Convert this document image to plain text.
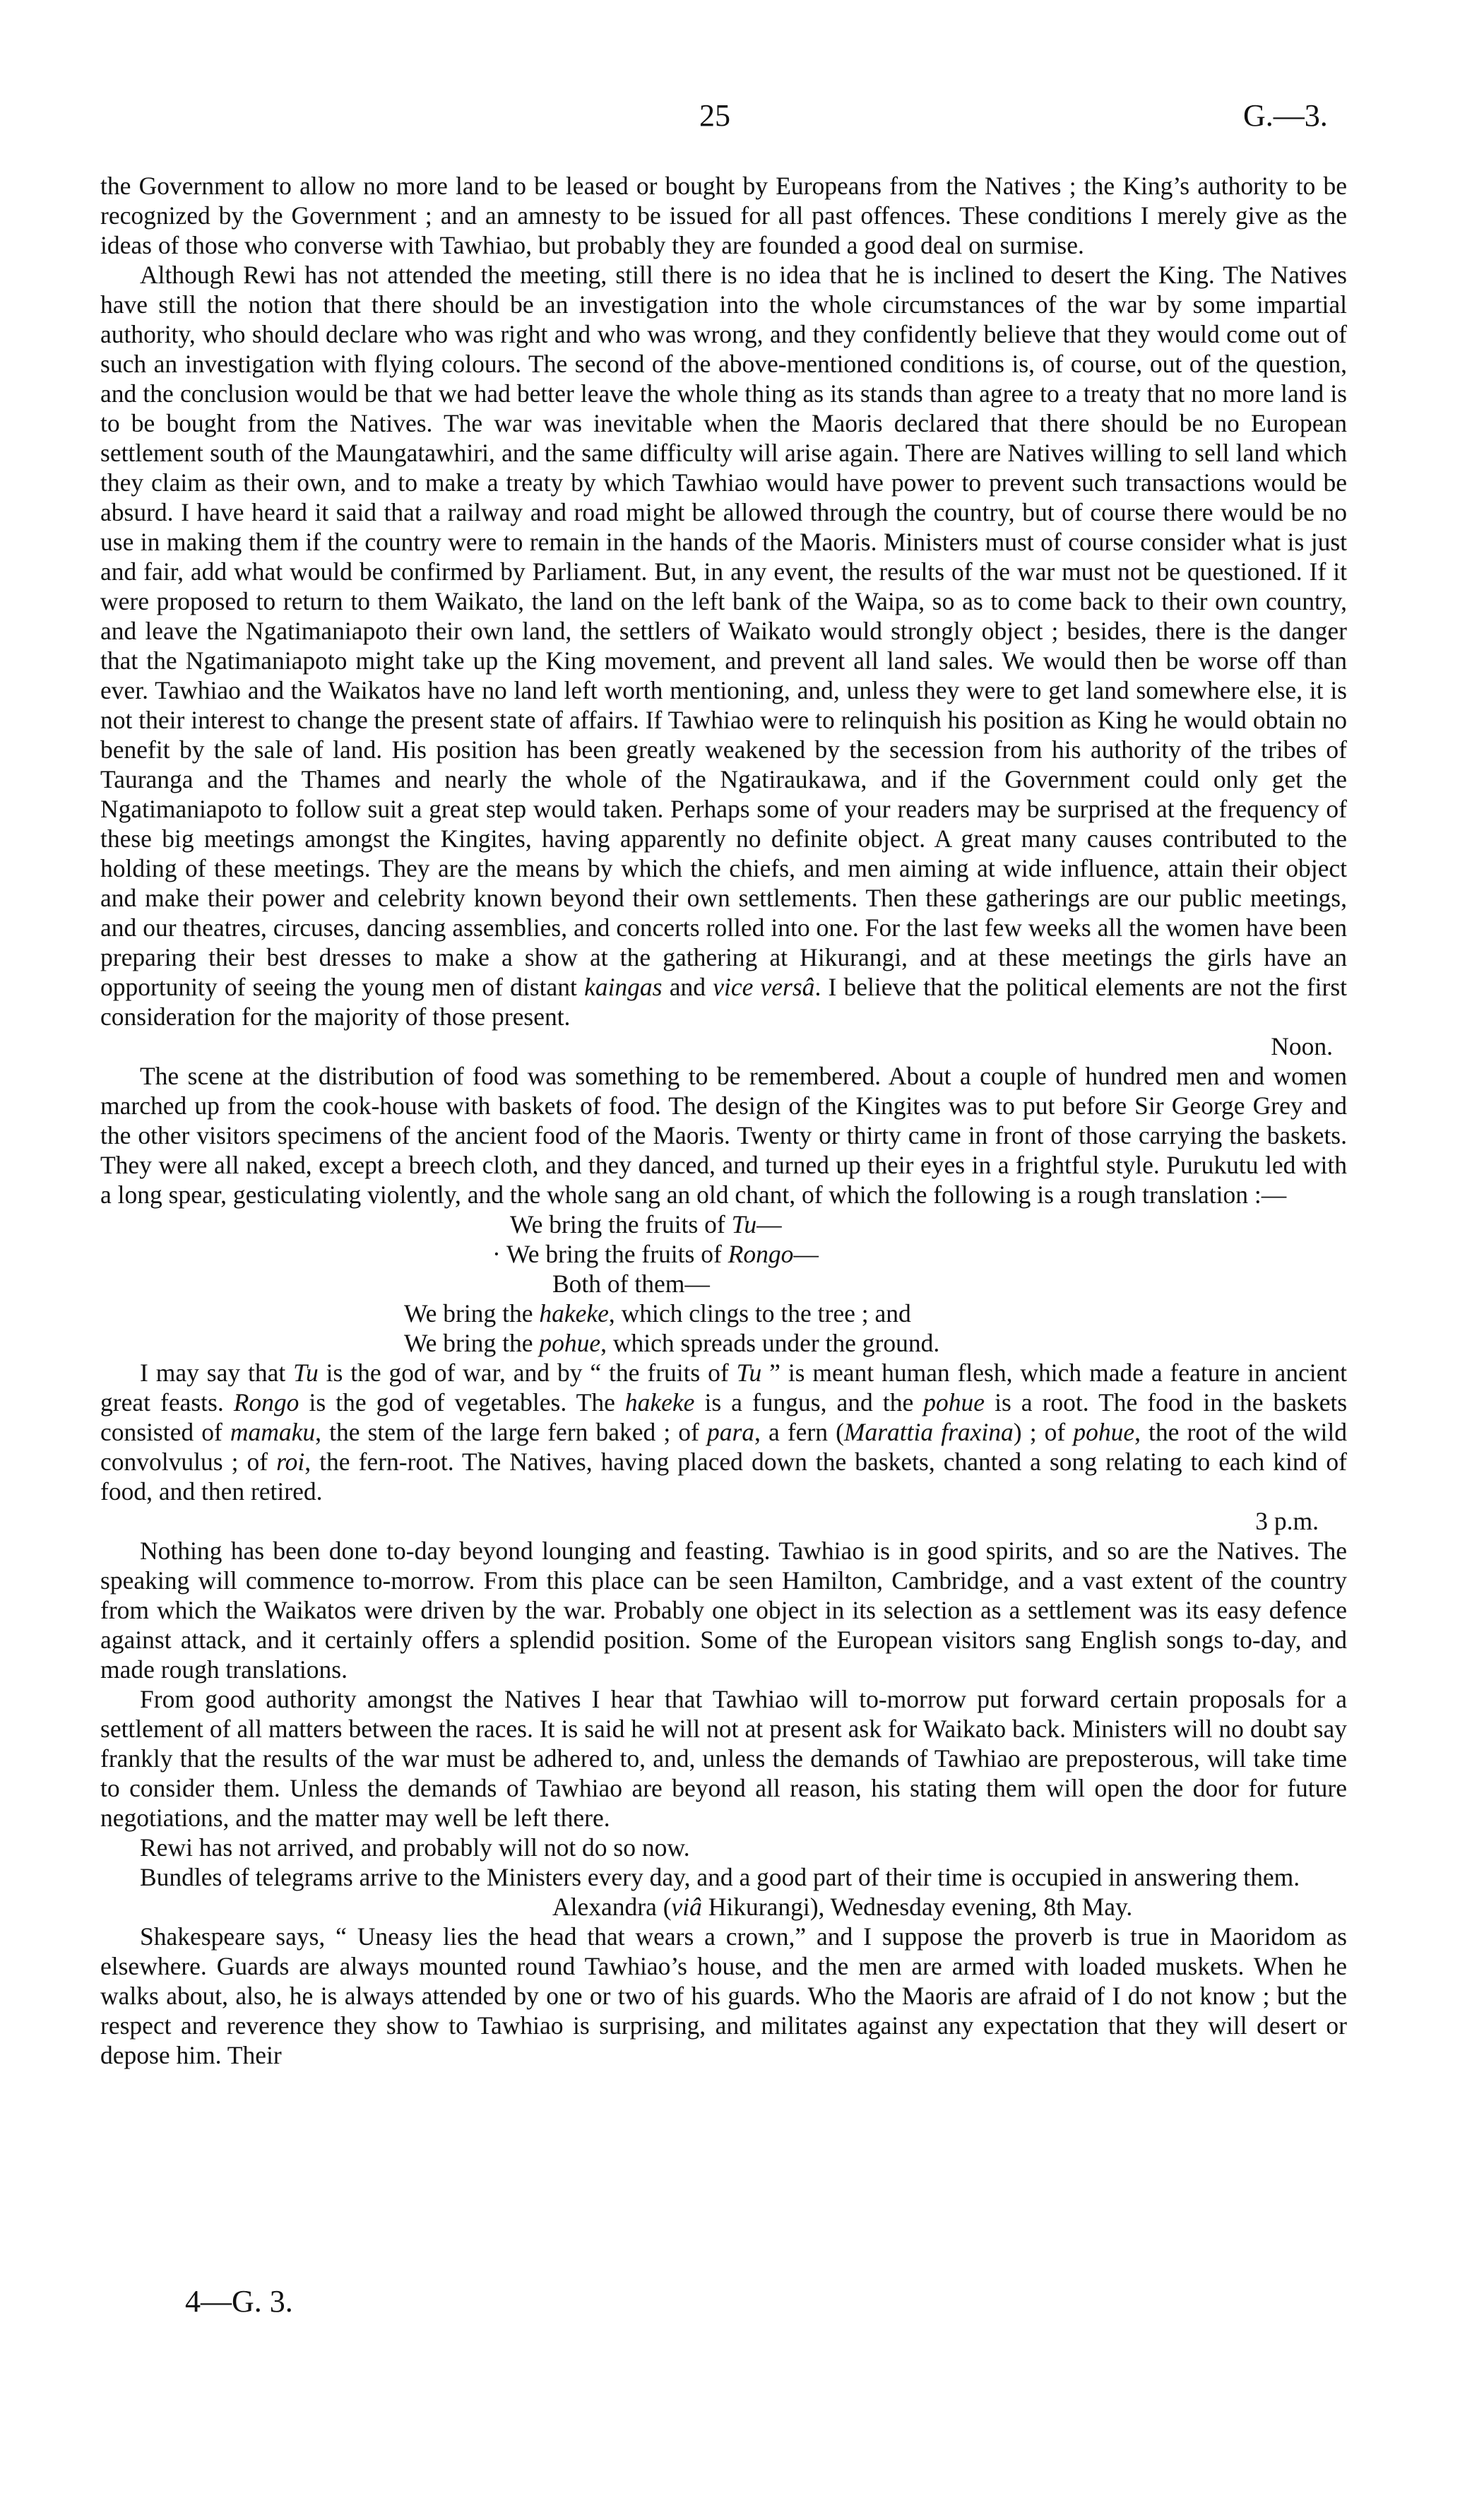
25	G.—3.

the Government to allow no more land to be leased or bought by Europeans from the Natives ; the King’s authority to be recognized by the Government ; and an amnesty to be issued for all past offences. These conditions I merely give as the ideas of those who converse with Tawhiao, but probably they are founded a good deal on surmise.

Although Rewi has not attended the meeting, still there is no idea that he is inclined to desert the King. The Natives have still the notion that there should be an investigation into the whole circumstances of the war by some impartial authority, who should declare who was right and who was wrong, and they confidently believe that they would come out of such an investigation with flying colours. The second of the above-mentioned conditions is, of course, out of the question, and the conclusion would be that we had better leave the whole thing as its stands than agree to a treaty that no more land is to be bought from the Natives. The war was inevitable when the Maoris declared that there should be no European settlement south of the Maungatawhiri, and the same difficulty will arise again. There are Natives willing to sell land which they claim as their own, and to make a treaty by which Tawhiao would have power to prevent such transactions would be absurd. I have heard it said that a railway and road might be allowed through the country, but of course there would be no use in making them if the country were to remain in the hands of the Maoris. Ministers must of course consider what is just and fair, add what would be confirmed by Parliament. But, in any event, the results of the war must not be questioned. If it were proposed to return to them Waikato, the land on the left bank of the Waipa, so as to come back to their own country, and leave the Ngatimaniapoto their own land, the settlers of Waikato would strongly object ; besides, there is the danger that the Ngatimaniapoto might take up the King movement, and prevent all land sales. We would then be worse off than ever. Tawhiao and the Waikatos have no land left worth mentioning, and, unless they were to get land somewhere else, it is not their interest to change the present state of affairs. If Tawhiao were to relinquish his position as King he would obtain no benefit by the sale of land. His position has been greatly weakened by the secession from his authority of the tribes of Tauranga and the Thames and nearly the whole of the Ngatiraukawa, and if the Government could only get the Ngatimaniapoto to follow suit a great step would taken. Perhaps some of your readers may be surprised at the frequency of these big meetings amongst the Kingites, having apparently no definite object. A great many causes contributed to the holding of these meetings. They are the means by which the chiefs, and men aiming at wide influence, attain their object and make their power and celebrity known beyond their own settlements. Then these gatherings are our public meetings, and our theatres, circuses, dancing assemblies, and concerts rolled into one. For the last few weeks all the women have been preparing their best dresses to make a show at the gathering at Hikurangi, and at these meetings the girls have an opportunity of seeing the young men of distant kaingas and vice versâ. I believe that the political elements are not the first consideration for the majority of those present.

Noon.

The scene at the distribution of food was something to be remembered. About a couple of hundred men and women marched up from the cook-house with baskets of food. The design of the Kingites was to put before Sir George Grey and the other visitors specimens of the ancient food of the Maoris. Twenty or thirty came in front of those carrying the baskets. They were all naked, except a breech cloth, and they danced, and turned up their eyes in a frightful style. Purukutu led with a long spear, gesticulating violently, and the whole sang an old chant, of which the following is a rough translation :—

We bring the fruits of Tu—
· We bring the fruits of Rongo—
Both of them—
We bring the hakeke, which clings to the tree ; and
We bring the pohue, which spreads under the ground.

I may say that Tu is the god of war, and by “ the fruits of Tu ” is meant human flesh, which made a feature in ancient great feasts. Rongo is the god of vegetables. The hakeke is a fungus, and the pohue is a root. The food in the baskets consisted of mamaku, the stem of the large fern baked ; of para, a fern (Marattia fraxina) ; of pohue, the root of the wild convolvulus ; of roi, the fern-root. The Natives, having placed down the baskets, chanted a song relating to each kind of food, and then retired.

3 p.m.

Nothing has been done to-day beyond lounging and feasting. Tawhiao is in good spirits, and so are the Natives. The speaking will commence to-morrow. From this place can be seen Hamilton, Cambridge, and a vast extent of the country from which the Waikatos were driven by the war. Probably one object in its selection as a settlement was its easy defence against attack, and it certainly offers a splendid position. Some of the European visitors sang English songs to-day, and made rough translations.

From good authority amongst the Natives I hear that Tawhiao will to-morrow put forward certain proposals for a settlement of all matters between the races. It is said he will not at present ask for Waikato back. Ministers will no doubt say frankly that the results of the war must be adhered to, and, unless the demands of Tawhiao are preposterous, will take time to consider them. Unless the demands of Tawhiao are beyond all reason, his stating them will open the door for future negotiations, and the matter may well be left there.

Rewi has not arrived, and probably will not do so now.

Bundles of telegrams arrive to the Ministers every day, and a good part of their time is occupied in answering them.

Alexandra (viâ Hikurangi), Wednesday evening, 8th May.

Shakespeare says, “ Uneasy lies the head that wears a crown,” and I suppose the proverb is true in Maoridom as elsewhere. Guards are always mounted round Tawhiao’s house, and the men are armed with loaded muskets. When he walks about, also, he is always attended by one or two of his guards. Who the Maoris are afraid of I do not know ; but the respect and reverence they show to Tawhiao is surprising, and militates against any expectation that they will desert or depose him. Their

4—G. 3.
